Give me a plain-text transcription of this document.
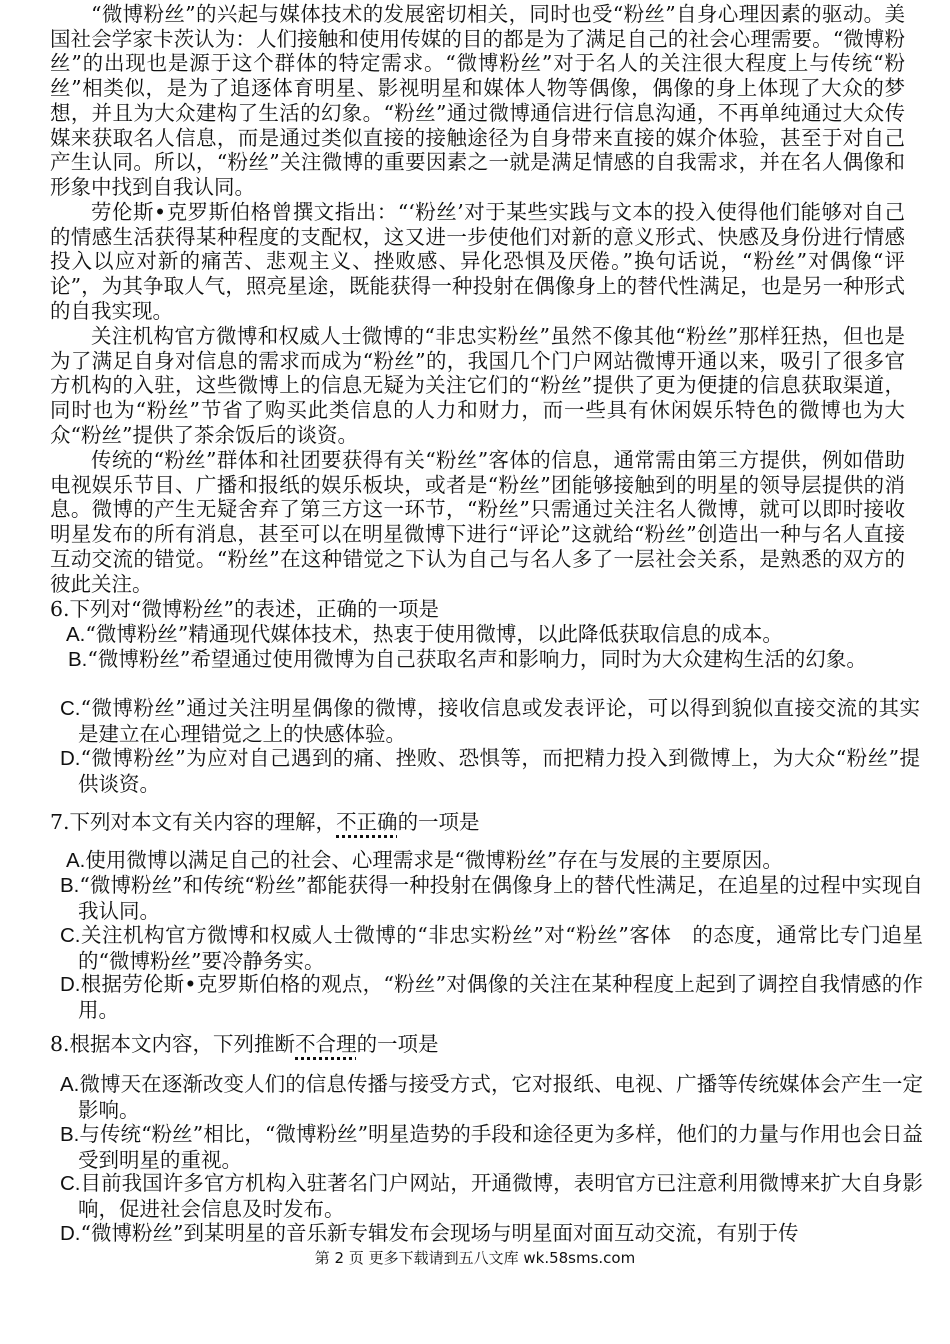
“微博粉丝”的兴起与媒体技术的发展密切相关，同时也受“粉丝”自身心理因素的驱动。美国社会学家卡茨认为：人们接触和使用传媒的目的都是为了满足自己的社会心理需要。“微博粉丝”的出现也是源于这个群体的特定需求。“微博粉丝”对于名人的关注很大程度上与传统“粉丝”相类似，是为了追逐体育明星、影视明星和媒体人物等偶像，偶像的身上体现了大众的梦想，并且为大众建构了生活的幻象。“粉丝”通过微博通信进行信息沟通，不再单纯通过大众传媒来获取名人信息，而是通过类似直接的接触途径为自身带来直接的媒介体验，甚至于对自己产生认同。所以，“粉丝”关注微博的重要因素之一就是满足情感的自我需求，并在名人偶像和形象中找到自我认同。

劳伦斯•克罗斯伯格曾撰文指出：“‘粉丝’对于某些实践与文本的投入使得他们能够对自己的情感生活获得某种程度的支配权，这又进一步使他们对新的意义形式、快感及身份进行情感投入以应对新的痛苦、悲观主义、挫败感、异化恐惧及厌倦。”换句话说，“粉丝”对偶像“评论”，为其争取人气，照亮星途，既能获得一种投射在偶像身上的替代性满足，也是另一种形式的自我实现。

关注机构官方微博和权威人士微博的“非忠实粉丝”虽然不像其他“粉丝”那样狂热，但也是为了满足自身对信息的需求而成为“粉丝”的，我国几个门户网站微博开通以来，吸引了很多官方机构的入驻，这些微博上的信息无疑为关注它们的“粉丝”提供了更为便捷的信息获取渠道，同时也为“粉丝”节省了购买此类信息的人力和财力，而一些具有休闲娱乐特色的微博也为大众“粉丝”提供了茶余饭后的谈资。

传统的“粉丝”群体和社团要获得有关“粉丝”客体的信息，通常需由第三方提供，例如借助电视娱乐节目、广播和报纸的娱乐板块，或者是“粉丝”团能够接触到的明星的领导层提供的消息。微博的产生无疑舍弃了第三方这一环节，“粉丝”只需通过关注名人微博，就可以即时接收明星发布的所有消息，甚至可以在明星微博下进行“评论”这就给“粉丝”创造出一种与名人直接互动交流的错觉。“粉丝”在这种错觉之下认为自己与名人多了一层社会关系，是熟悉的双方的彼此关注。

6.下列对“微博粉丝”的表述，正确的一项是

A.“微博粉丝”精通现代媒体技术，热衷于使用微博，以此降低获取信息的成本。

B.“微博粉丝”希望通过使用微博为自己获取名声和影响力，同时为大众建构生活的幻象。

C.“微博粉丝”通过关注明星偶像的微博，接收信息或发表评论，可以得到貌似直接交流的其实是建立在心理错觉之上的快感体验。

D.“微博粉丝”为应对自己遇到的痛、挫败、恐惧等，而把精力投入到微博上，为大众“粉丝”提供谈资。

7.下列对本文有关内容的理解，不正确的一项是

A.使用微博以满足自己的社会、心理需求是“微博粉丝”存在与发展的主要原因。

B.“微博粉丝”和传统“粉丝”都能获得一种投射在偶像身上的替代性满足，在追星的过程中实现自我认同。

C.关注机构官方微博和权威人士微博的“非忠实粉丝”对“粉丝”客体　的态度，通常比专门追星的“微博粉丝”要冷静务实。

D.根据劳伦斯•克罗斯伯格的观点，“粉丝”对偶像的关注在某种程度上起到了调控自我情感的作用。

8.根据本文内容，下列推断不合理的一项是

A.微博天在逐渐改变人们的信息传播与接受方式，它对报纸、电视、广播等传统媒体会产生一定影响。

B.与传统“粉丝”相比，“微博粉丝”明星造势的手段和途径更为多样，他们的力量与作用也会日益受到明星的重视。

C.目前我国许多官方机构入驻著名门户网站，开通微博，表明官方已注意利用微博来扩大自身影响，促进社会信息及时发布。

D.“微博粉丝”到某明星的音乐新专辑发布会现场与明星面对面互动交流，有别于传

第 2 页 更多下载请到五八文库 wk.58sms.com
